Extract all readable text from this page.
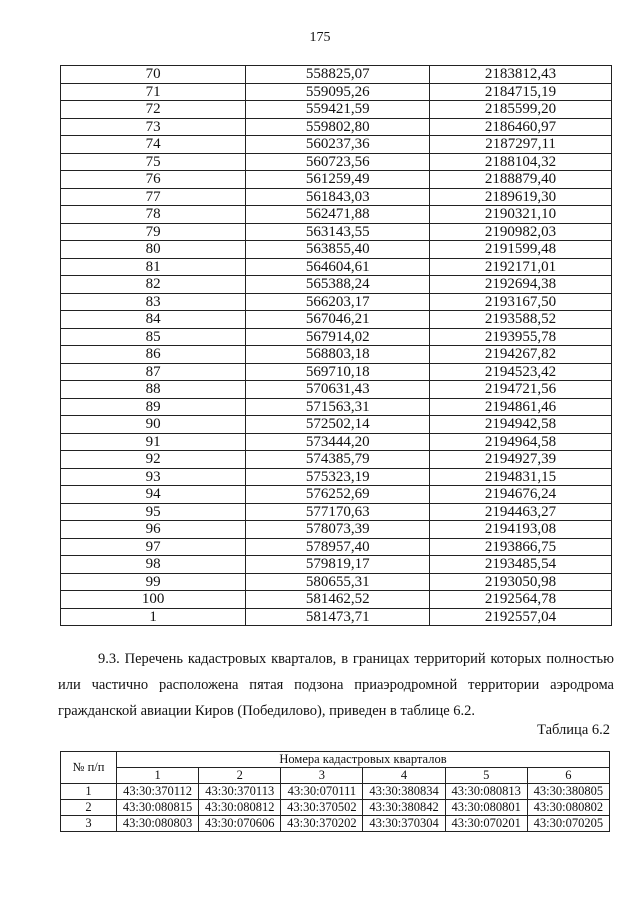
175
70	558825,07	2183812,43
71	559095,26	2184715,19
72	559421,59	2185599,20
73	559802,80	2186460,97
74	560237,36	2187297,11
75	560723,56	2188104,32
76	561259,49	2188879,40
77	561843,03	2189619,30
78	562471,88	2190321,10
79	563143,55	2190982,03
80	563855,40	2191599,48
81	564604,61	2192171,01
82	565388,24	2192694,38
83	566203,17	2193167,50
84	567046,21	2193588,52
85	567914,02	2193955,78
86	568803,18	2194267,82
87	569710,18	2194523,42
88	570631,43	2194721,56
89	571563,31	2194861,46
90	572502,14	2194942,58
91	573444,20	2194964,58
92	574385,79	2194927,39
93	575323,19	2194831,15
94	576252,69	2194676,24
95	577170,63	2194463,27
96	578073,39	2194193,08
97	578957,40	2193866,75
98	579819,17	2193485,54
99	580655,31	2193050,98
100	581462,52	2192564,78
1	581473,71	2192557,04
9.3. Перечень кадастровых кварталов, в границах территорий которых полностью или частично расположена пятая подзона приаэродромной территории аэродрома гражданской авиации Киров (Победилово), приведен в таблице 6.2.
Таблица 6.2
№ п/п	Номера кадастровых кварталов					
	1	2	3	4	5	6
1	43:30:370112	43:30:370113	43:30:070111	43:30:380834	43:30:080813	43:30:380805
2	43:30:080815	43:30:080812	43:30:370502	43:30:380842	43:30:080801	43:30:080802
3	43:30:080803	43:30:070606	43:30:370202	43:30:370304	43:30:070201	43:30:070205
